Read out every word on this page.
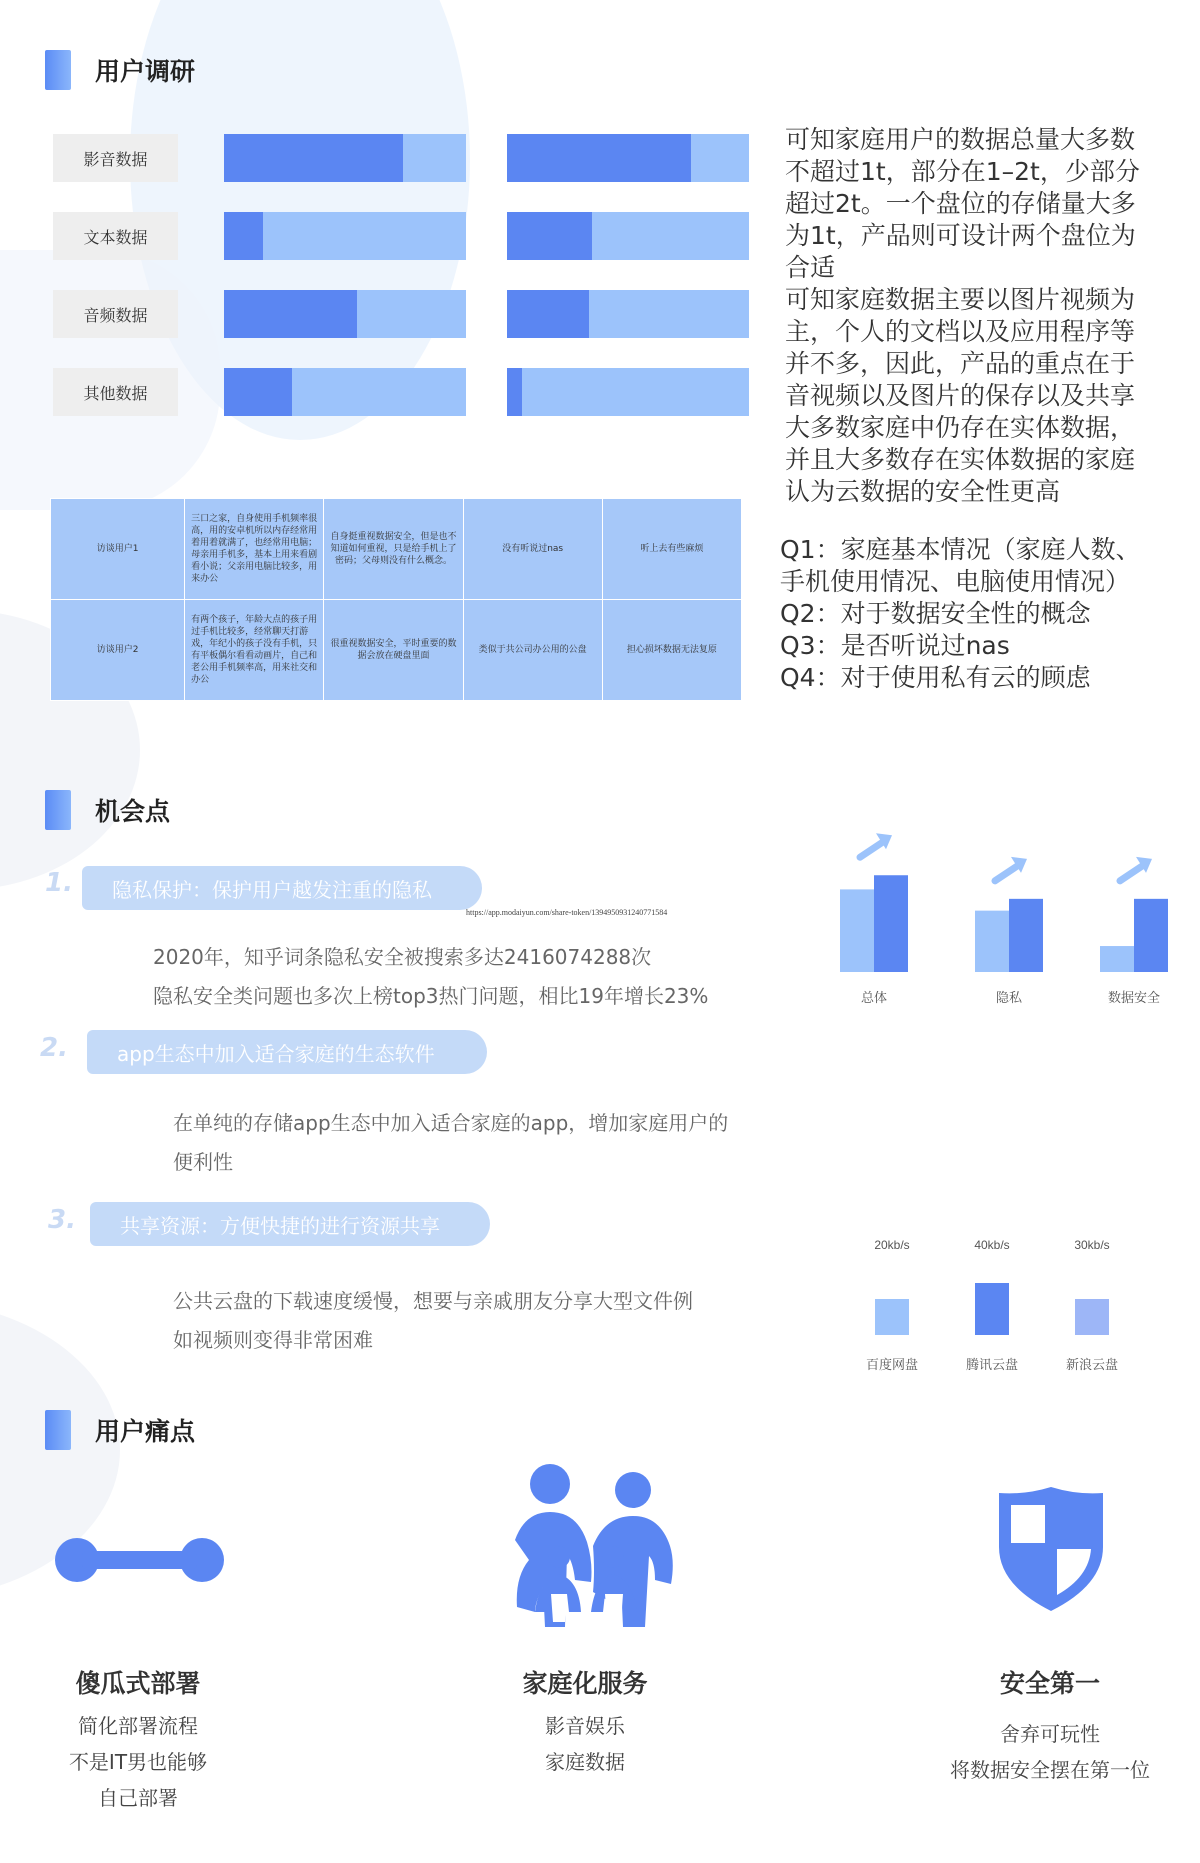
用户调研
影音数据
文本数据
音频数据
其他数据
可知家庭用户的数据总量大多数
不超过1t，部分在1–2t，少部分
超过2t。一个盘位的存储量大多
为1t，产品则可设计两个盘位为
合适
可知家庭数据主要以图片视频为
主，个人的文档以及应用程序等
并不多，因此，产品的重点在于
音视频以及图片的保存以及共享
大多数家庭中仍存在实体数据，
并且大多数存在实体数据的家庭
认为云数据的安全性更高
访谈用户1	三口之家，自身使用手机频率很高，用的安卓机所以内存经常用着用着就满了，也经常用电脑；母亲用手机多，基本上用来看剧看小说；父亲用电脑比较多，用来办公	自身挺重视数据安全，但是也不知道如何重视，只是给手机上了密码；父母则没有什么概念。	没有听说过nas	听上去有些麻烦
访谈用户2	有两个孩子，年龄大点的孩子用过手机比较多，经常聊天打游戏，年纪小的孩子没有手机，只有平板偶尔看看动画片，自己和老公用手机频率高，用来社交和办公	很重视数据安全，平时重要的数据会放在硬盘里面	类似于共公司办公用的公盘	担心损坏数据无法复原
Q1：家庭基本情况（家庭人数、
手机使用情况、电脑使用情况）
Q2：对于数据安全性的概念
Q3：是否听说过nas
Q4：对于使用私有云的顾虑
机会点
1.	隐私保护：保护用户越发注重的隐私
https://app.modaiyun.com/share-token/1394950931240771584
2020年，知乎词条隐私安全被搜索多达2416074288次
隐私安全类问题也多次上榜top3热门问题，相比19年增长23%
2.	app生态中加入适合家庭的生态软件
在单纯的存储app生态中加入适合家庭的app，增加家庭用户的
便利性
3.	共享资源：方便快捷的进行资源共享
公共云盘的下载速度缓慢，想要与亲戚朋友分享大型文件例
如视频则变得非常困难
总体	隐私	数据安全
20kb/s
百度网盘
40kb/s
腾讯云盘
30kb/s
新浪云盘
用户痛点
傻瓜式部署
简化部署流程
不是IT男也能够
自己部署
家庭化服务
影音娱乐
家庭数据
安全第一
舍弃可玩性
将数据安全摆在第一位
